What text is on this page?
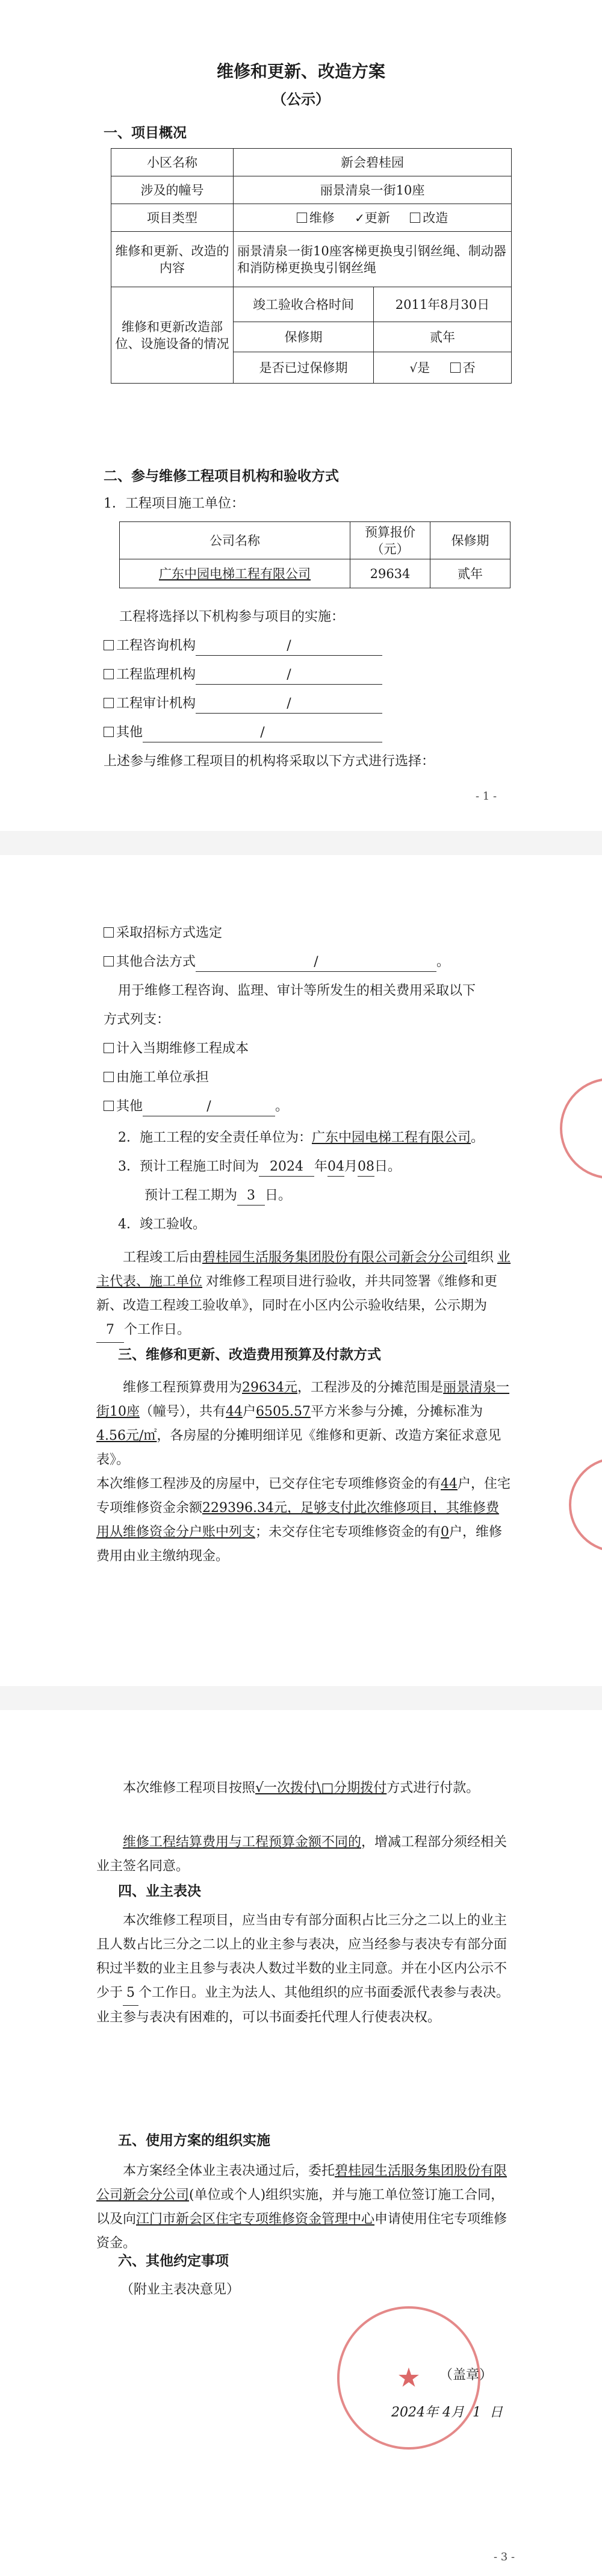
维修和更新、改造方案
（公示）
一、项目概况
小区名称	新会碧桂园	
涉及的幢号	丽景清泉一街10座	
项目类型	维修 ✓更新 改造	
维修和更新、改造的内容	丽景清泉一街10座客梯更换曳引钢丝绳、制动器和消防梯更换曳引钢丝绳	
维修和更新改造部位、设施设备的情况	竣工验收合格时间	2011年8月30日
	保修期	贰年
	是否已过保修期	√是 否
二、参与维修工程项目机构和验收方式
1．工程项目施工单位：
公司名称	预算报价（元）	保修期
广东中园电梯工程有限公司	29634	贰年
工程将选择以下机构参与项目的实施：
工程咨询机构	/
工程监理机构	/
工程审计机构	/
其他	/
上述参与维修工程项目的机构将采取以下方式进行选择：
- 1 -
采取招标方式选定
其他合法方式	/	。
用于维修工程咨询、监理、审计等所发生的相关费用采取以下
方式列支：
计入当期维修工程成本
由施工单位承担
其他	/	。
2．施工工程的安全责任单位为：广东中园电梯工程有限公司。
3．预计工程施工时间为 2024 年04月08日。
预计工程工期为 3 日。
4．竣工验收。
工程竣工后由碧桂园生活服务集团股份有限公司新会分公司组织 业主代表、施工单位 对维修工程项目进行验收，并共同签署《维修和更新、改造工程竣工验收单》，同时在小区内公示验收结果，公示期为7 个工作日。
三、维修和更新、改造费用预算及付款方式
维修工程预算费用为29634元，工程涉及的分摊范围是丽景清泉一街10座（幢号），共有44户6505.57平方米参与分摊，分摊标准为4.56元/㎡，各房屋的分摊明细详见《维修和更新、改造方案征求意见表》。
本次维修工程涉及的房屋中，已交存住宅专项维修资金的有44户，住宅专项维修资金余额229396.34元，足够支付此次维修项目，其维修费用从维修资金分户账中列支；未交存住宅专项维修资金的有0户，维修费用由业主缴纳现金。
本次维修工程项目按照√一次拨付\□分期拨付方式进行付款。
维修工程结算费用与工程预算金额不同的，增减工程部分须经相关业主签名同意。
四、业主表决
本次维修工程项目，应当由专有部分面积占比三分之二以上的业主且人数占比三分之二以上的业主参与表决，应当经参与表决专有部分面积过半数的业主且参与表决人数过半数的业主同意。并在小区内公示不少于 5 个工作日。业主为法人、其他组织的应书面委派代表参与表决。业主参与表决有困难的，可以书面委托代理人行使表决权。
五、使用方案的组织实施
本方案经全体业主表决通过后，委托碧桂园生活服务集团股份有限公司新会分公司(单位或个人)组织实施，并与施工单位签订施工合同，以及向江门市新会区住宅专项维修资金管理中心申请使用住宅专项维修资金。
六、其他约定事项
（附业主表决意见）
★ （盖章）
2024年 4月 1 日
- 3 -
